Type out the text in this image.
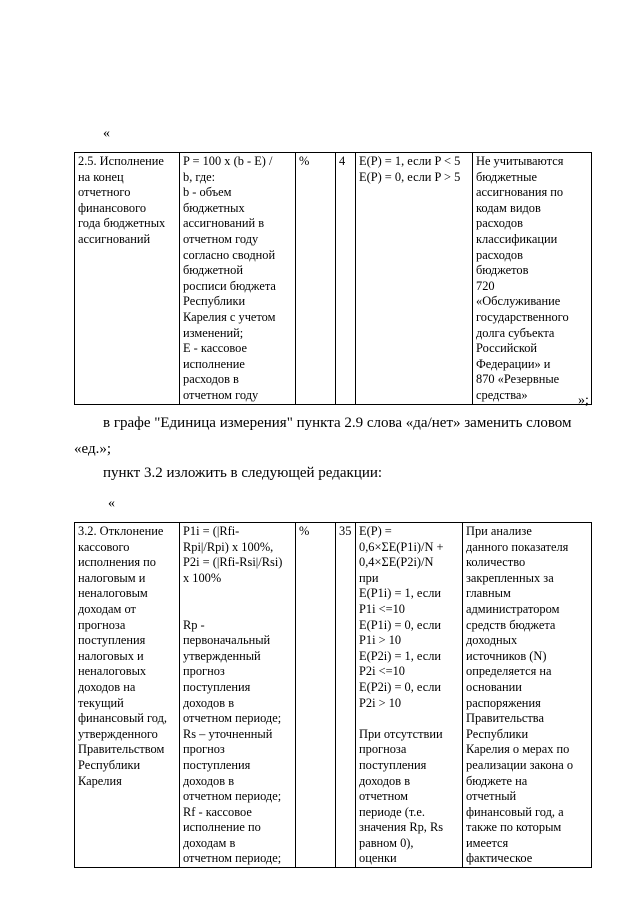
«
2.5. Исполнение
на конец
отчетного
финансового
года бюджетных
ассигнований	P = 100 x (b - E) /
b, где:
b - объем
бюджетных
ассигнований в
отчетном году
согласно сводной
бюджетной
росписи бюджета
Республики
Карелия с учетом
изменений;
E - кассовое
исполнение
расходов в
отчетном году	%	4	E(P) = 1, если P < 5
E(P) = 0, если P > 5	Не учитываются
бюджетные
ассигнования по
кодам видов
расходов
классификации
расходов
бюджетов
720
«Обслуживание
государственного
долга субъекта
Российской
Федерации» и
870 «Резервные
средства»	»;
в графе "Единица измерения" пункта 2.9 слова «да/нет» заменить словом
«ед.»;
пункт 3.2 изложить в следующей редакции:
«
3.2. Отклонение
кассового
исполнения по
налоговым и
неналоговым
доходам от
прогноза
поступления
налоговых и
неналоговых
доходов на
текущий
финансовый год,
утвержденного
Правительством
Республики
Карелия	P1i = (|Rfi-
Rpi|/Rpi) x 100%,
P2i = (|Rfi-Rsi|/Rsi)
x 100%

Rp -
первоначальный
утвержденный
прогноз
поступления
доходов в
отчетном периоде;
Rs – уточненный
прогноз
поступления
доходов в
отчетном периоде;
Rf - кассовое
исполнение по
доходам в
отчетном периоде;	%	35	E(P) =
0,6×ΣE(P1i)/N +
0,4×ΣE(P2i)/N
при
E(P1i) = 1, если
P1i <=10
E(P1i) = 0, если
P1i > 10
E(P2i) = 1, если
P2i <=10
E(P2i) = 0, если
P2i > 10

При отсутствии
прогноза
поступления
доходов в
отчетном
периоде (т.е.
значения Rp, Rs
равном 0),
оценки	При анализе
данного показателя
количество
закрепленных за
главным
администратором
средств бюджета
доходных
источников (N)
определяется на
основании
распоряжения
Правительства
Республики
Карелия о мерах по
реализации закона о
бюджете на
отчетный
финансовый год, а
также по которым
имеется
фактическое
